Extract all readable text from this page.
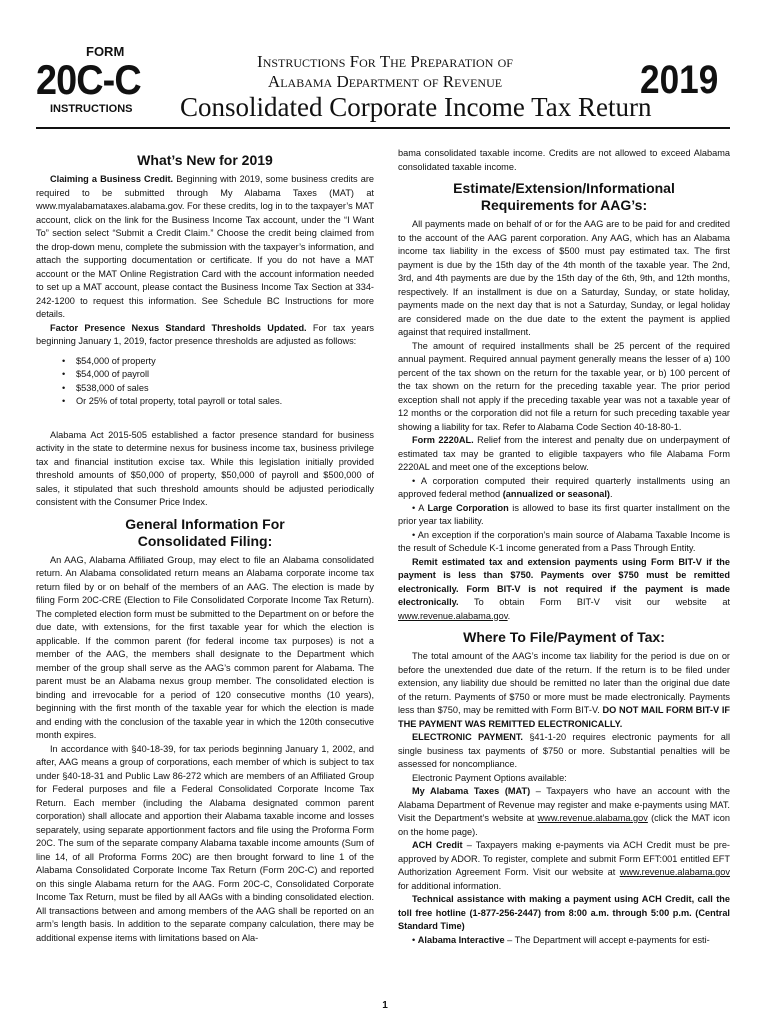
FORM
20C-C
INSTRUCTIONS
Instructions For The Preparation of
Alabama Department of Revenue
Consolidated Corporate Income Tax Return
2019
What’s New for 2019

Claiming a Business Credit. Beginning with 2019, some business credits are required to be submitted through My Alabama Taxes (MAT) at www.myalabamataxes.alabama.gov. For these credits, log in to the taxpayer’s MAT account, click on the link for the Business Income Tax account, under the “I Want To” section select “Submit a Credit Claim.” Choose the credit being claimed from the drop-down menu, complete the submission with the taxpayer’s information, and attach the supporting documentation or certificate. If you do not have a MAT account or the MAT Online Registration Card with the account information needed to set up a MAT account, please contact the Business Income Tax Section at 334-242-1200 to request this information. See Schedule BC Instructions for more details.

Factor Presence Nexus Standard Thresholds Updated. For tax years beginning January 1, 2019, factor presence thresholds are adjusted as follows:

• $54,000 of property
• $54,000 of payroll
• $538,000 of sales
• Or 25% of total property, total payroll or total sales.

Alabama Act 2015-505 established a factor presence standard for business activity in the state to determine nexus for business income tax, business privilege tax and financial institution excise tax. While this legislation initially provided threshold amounts of $50,000 of property, $50,000 of payroll and $500,000 of sales, it stipulated that such threshold amounts should be adjusted periodically consistent with the Consumer Price Index.

General Information For Consolidated Filing:

An AAG, Alabama Affiliated Group, may elect to file an Alabama consolidated return. An Alabama consolidated return means an Alabama corporate income tax return filed by or on behalf of the members of an AAG. The election is made by filing Form 20C-CRE (Election to File Consolidated Corporate Income Tax Return). The completed election form must be submitted to the Department on or before the due date, with extensions, for the first taxable year for which the election is applicable. If the common parent (for federal income tax purposes) is not a member of the AAG, the members shall designate to the Department which member of the group shall serve as the AAG’s common parent for Alabama. The parent must be an Alabama nexus group member. The consolidated election is binding and irrevocable for a period of 120 consecutive months (10 years), beginning with the first month of the taxable year for which the election is made and ending with the conclusion of the taxable year in which the 120th consecutive month expires.

In accordance with §40-18-39, for tax periods beginning January 1, 2002, and after, AAG means a group of corporations, each member of which is subject to tax under §40-18-31 and Public Law 86-272 which are members of an Affiliated Group for Federal purposes and file a Federal Consolidated Corporate Income Tax Return. Each member (including the Alabama designated common parent corporation) shall allocate and apportion their Alabama taxable income and losses separately, using separate apportionment factors and file using the Proforma Form 20C. The sum of the separate company Alabama taxable income amounts (Sum of line 14, of all Proforma Forms 20C) are then brought forward to line 1 of the Alabama Consolidated Corporate Income Tax Return (Form 20C-C) and reported on this single Alabama return for the AAG. Form 20C-C, Consolidated Corporate Income Tax Return, must be filed by all AAGs with a binding consolidated election. All transactions between and among members of the AAG shall be reported on an arm’s length basis. In addition to the separate company calculation, there may be additional expense items with limitations based on Ala-

bama consolidated taxable income. Credits are not allowed to exceed Alabama consolidated taxable income.

Estimate/Extension/Informational Requirements for AAG’s:

All payments made on behalf of or for the AAG are to be paid for and credited to the account of the AAG parent corporation. Any AAG, which has an Alabama income tax liability in the excess of $500 must pay estimated tax. The first payment is due by the 15th day of the 4th month of the taxable year. The 2nd, 3rd, and 4th payments are due by the 15th day of the 6th, 9th, and 12th months, respectively. If an installment is due on a Saturday, Sunday, or state holiday, payments made on the next day that is not a Saturday, Sunday, or legal holiday are considered made on the due date to the extent the payment is applied against that required installment.

The amount of required installments shall be 25 percent of the required annual payment. Required annual payment generally means the lesser of a) 100 percent of the tax shown on the return for the taxable year, or b) 100 percent of the tax shown on the return for the preceding taxable year. The prior period exception shall not apply if the preceding taxable year was not a taxable year of 12 months or the corporation did not file a return for such preceding taxable year showing a liability for tax. Refer to Alabama Code Section 40-18-80-1.

Form 2220AL. Relief from the interest and penalty due on underpayment of estimated tax may be granted to eligible taxpayers who file Alabama Form 2220AL and meet one of the exceptions below.

• A corporation computed their required quarterly installments using an approved federal method (annualized or seasonal).

• A Large Corporation is allowed to base its first quarter installment on the prior year tax liability.

• An exception if the corporation’s main source of Alabama Taxable Income is the result of Schedule K-1 income generated from a Pass Through Entity.

Remit estimated tax and extension payments using Form BIT-V if the payment is less than $750. Payments over $750 must be remitted electronically. Form BIT-V is not required if the payment is made electronically. To obtain Form BIT-V visit our website at www.revenue.alabama.gov.

Where To File/Payment of Tax:

The total amount of the AAG’s income tax liability for the period is due on or before the unextended due date of the return. If the return is to be filed under extension, any liability due should be remitted no later than the original due date of the return. Payments of $750 or more must be made electronically. Payments less than $750, may be remitted with Form BIT-V. DO NOT MAIL FORM BIT-V IF THE PAYMENT WAS REMITTED ELECTRONICALLY.

ELECTRONIC PAYMENT. §41-1-20 requires electronic payments for all single business tax payments of $750 or more. Substantial penalties will be assessed for noncompliance.

Electronic Payment Options available:

My Alabama Taxes (MAT) – Taxpayers who have an account with the Alabama Department of Revenue may register and make e-payments using MAT. Visit the Department’s website at www.revenue.alabama.gov (click the MAT icon on the home page).

ACH Credit – Taxpayers making e-payments via ACH Credit must be pre-approved by ADOR. To register, complete and submit Form EFT:001 entitled EFT Authorization Agreement Form. Visit our website at www.revenue.alabama.gov for additional information.

Technical assistance with making a payment using ACH Credit, call the toll free hotline (1-877-256-2447) from 8:00 a.m. through 5:00 p.m. (Central Standard Time)

• Alabama Interactive – The Department will accept e-payments for esti-

1
